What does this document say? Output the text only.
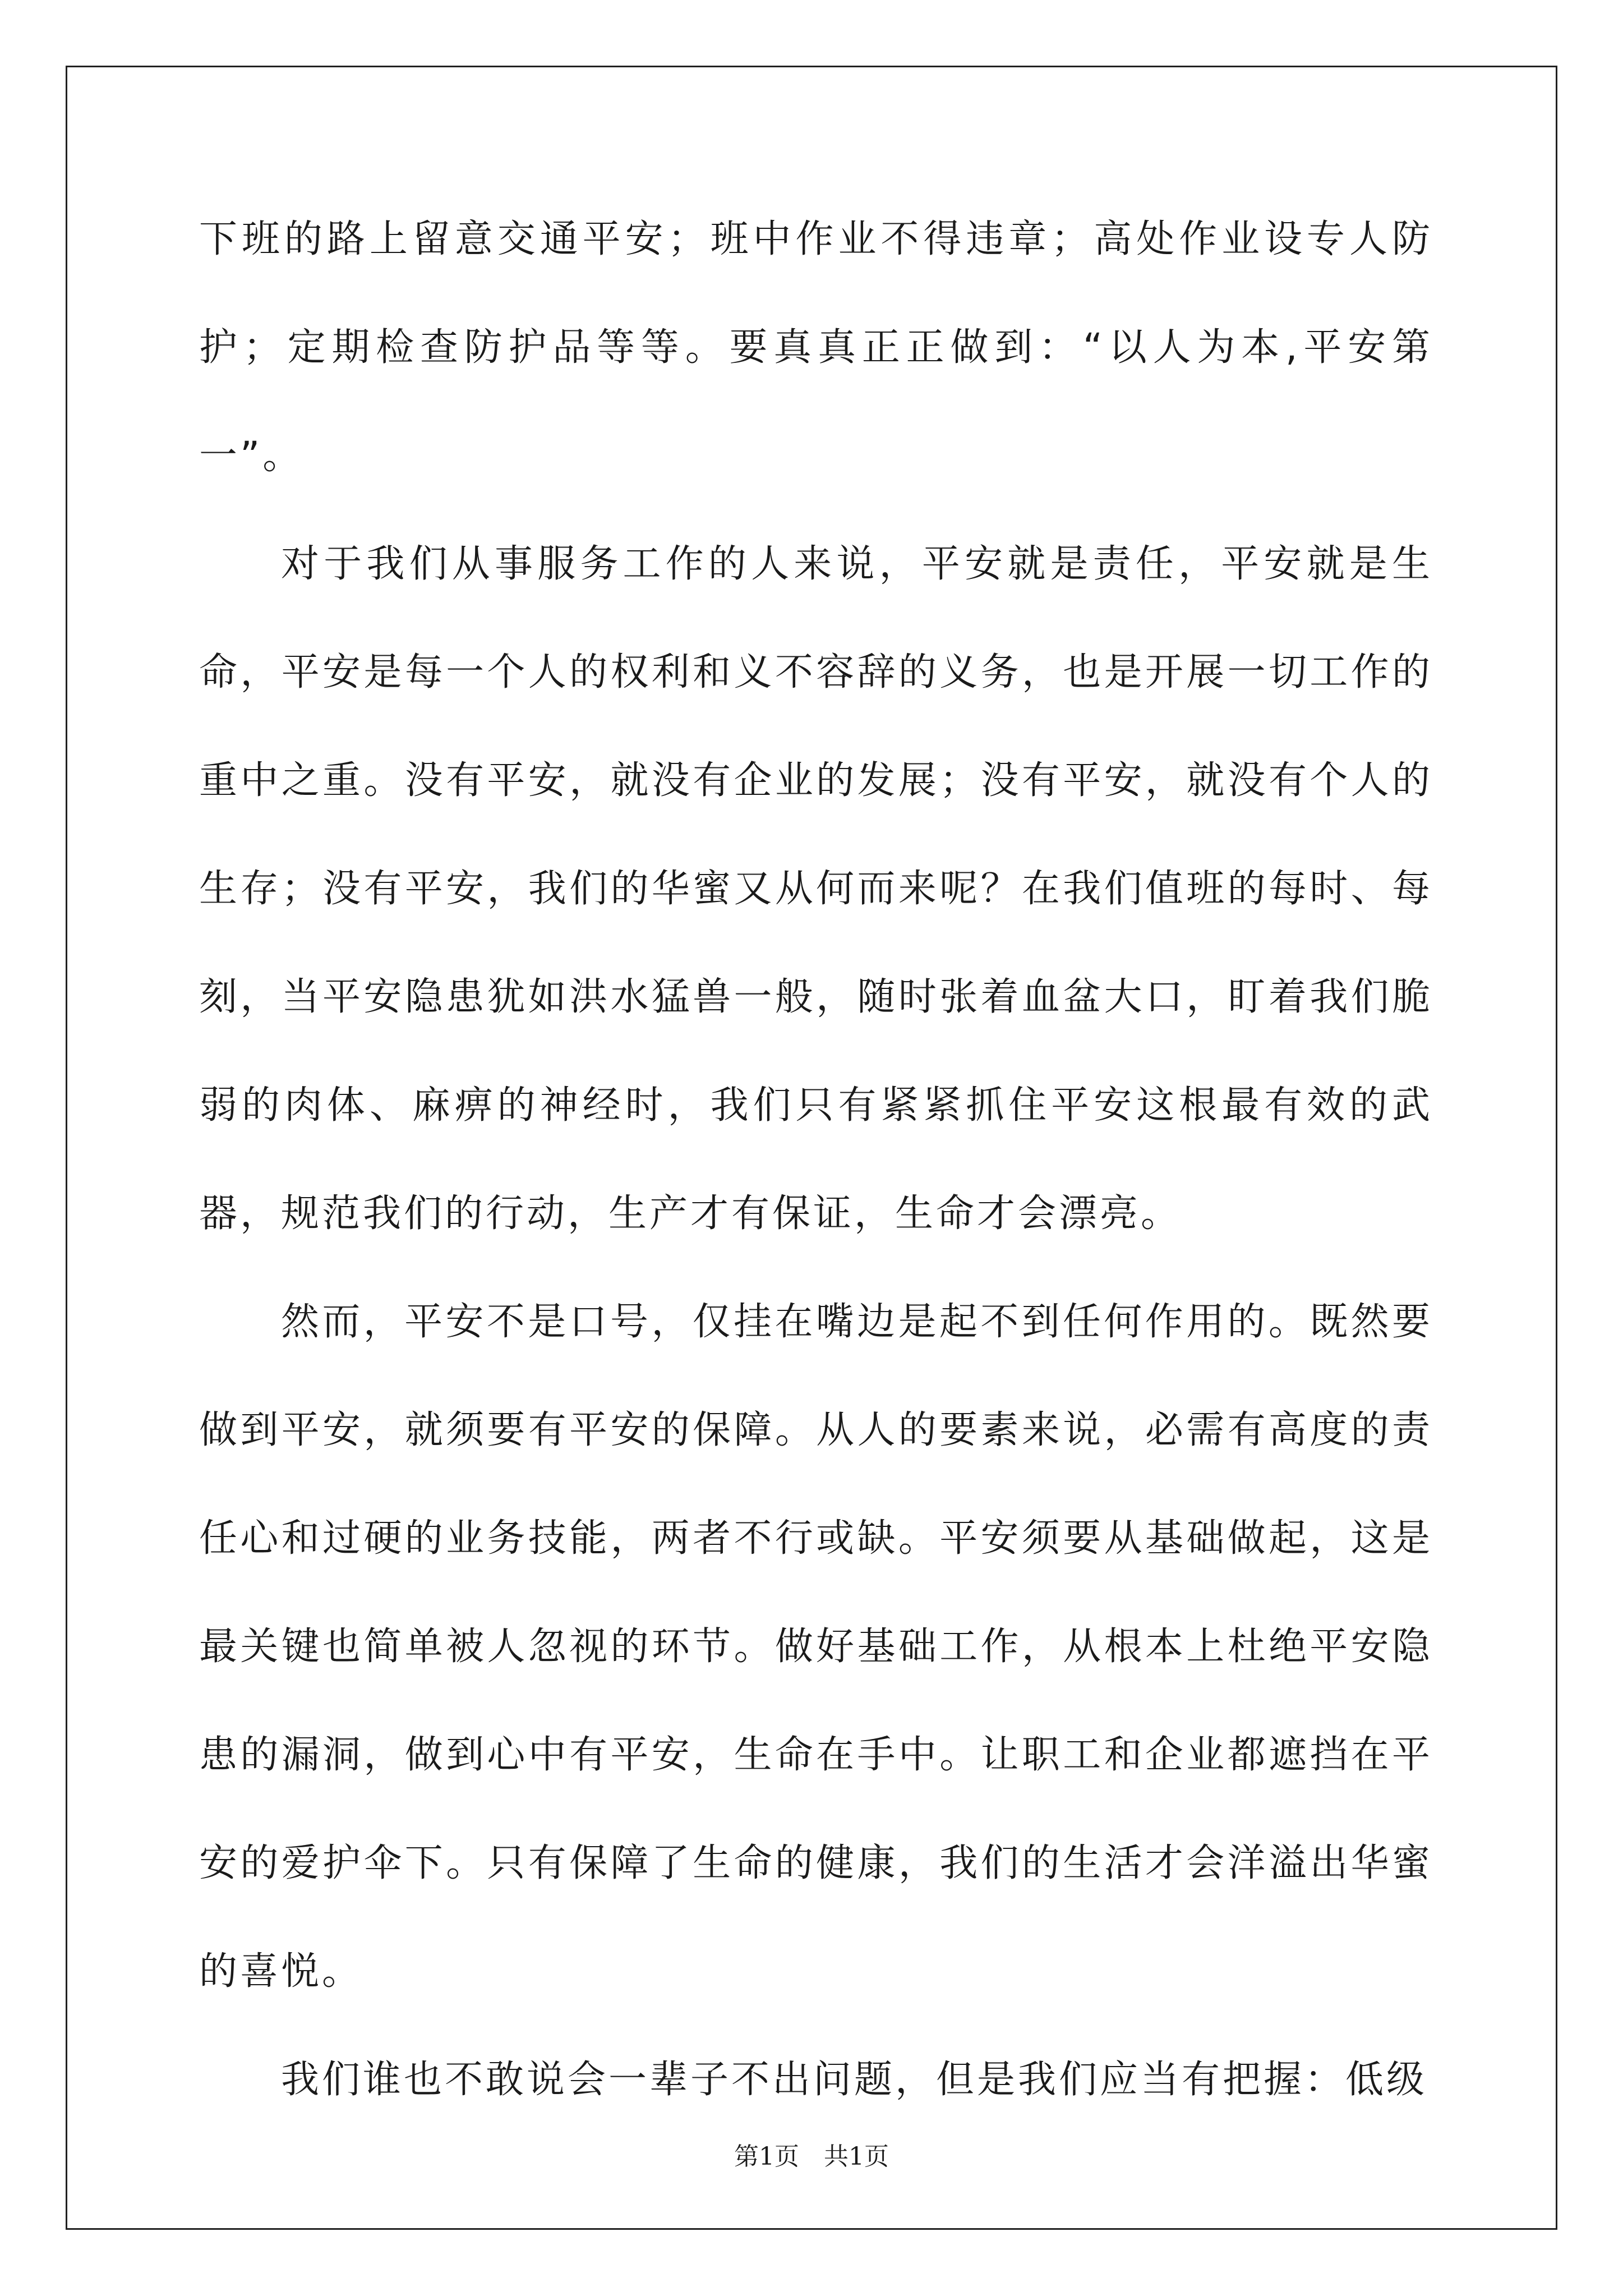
下班的路上留意交通平安；班中作业不得违章；高处作业设专人防护；定期检查防护品等等。要真真正正做到：“以人为本,平安第一”。

对于我们从事服务工作的人来说，平安就是责任，平安就是生命，平安是每一个人的权利和义不容辞的义务，也是开展一切工作的重中之重。没有平安，就没有企业的发展；没有平安，就没有个人的生存；没有平安，我们的华蜜又从何而来呢？在我们值班的每时、每刻，当平安隐患犹如洪水猛兽一般，随时张着血盆大口，盯着我们脆弱的肉体、麻痹的神经时，我们只有紧紧抓住平安这根最有效的武器，规范我们的行动，生产才有保证，生命才会漂亮。

然而，平安不是口号，仅挂在嘴边是起不到任何作用的。既然要做到平安，就须要有平安的保障。从人的要素来说，必需有高度的责任心和过硬的业务技能，两者不行或缺。平安须要从基础做起，这是最关键也简单被人忽视的环节。做好基础工作，从根本上杜绝平安隐患的漏洞，做到心中有平安，生命在手中。让职工和企业都遮挡在平安的爱护伞下。只有保障了生命的健康，我们的生活才会洋溢出华蜜的喜悦。

我们谁也不敢说会一辈子不出问题，但是我们应当有把握：低级

第1页　共1页
